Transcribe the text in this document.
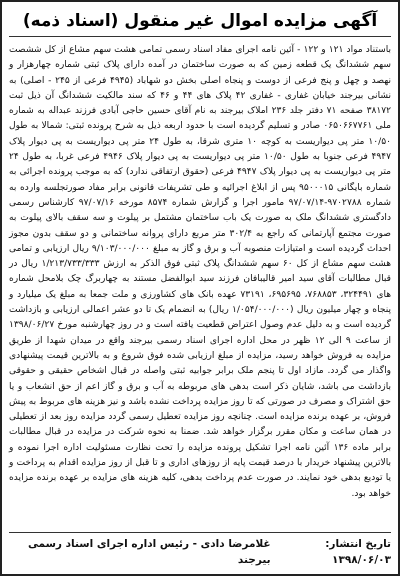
آگهی مزایده اموال غیر منقول (اسناد ذمه)

باستناد مواد ۱۲۱ و ۱۲۲ - آئین نامه اجرای مفاد اسناد رسمی تمامی هشت سهم مشاع از کل ششصت سهم ششدانگ یک قطعه زمین که به صورت ساختمان در آمده دارای پلاک ثبتی شماره چهارهزار و نهصد و چهل و پنج فرعی از دوست و پنجاه اصلی بخش دو شهاباد (۴۹۴۵ فرعی از ۲۴۵ - اصلی) به نشانی بیرجند خیابان غفاری - غفاری ۴۲ پلاک های ۴۴ و ۴۶ که سند مالکیت ششدانگ آن ذیل ثبت ۳۸۱۷۲ صفحه ۷۱ دفتر جلد ۲۳۶ املاک بیرجند به نام آقای حسین حاجی آبادی فرزند عبداله به شماره ملی ۰۶۵۰۶۶۷۷۶۱ صادر و تسلیم گردیده است با حدود اربعه ذیل به شرح پرونده ثبتی: شمالا به طول ۱۰/۵۰ متر پی دیواریست به کوچه ۱۰ متری شرقا، به طول ۲۴ متر پی دیواریست به پی دیوار پلاک ۴۹۴۷ فرعی جنوبا به طول ۱۰/۵۰ متر پی دیواریست به پی دیوار پلاک ۴۹۴۶ فرعی غربا، به طول ۲۴ متر پی دیواریست به پی دیوار پلاک ۴۹۴۷ فرعی (حقوق ارتفاقی ندارد) که به موجب پرونده اجرائی به شماره بایگانی ۹۵۰۰۰۱۵ پس از ابلاغ اجرائیه و طی تشریفات قانونی برابر مفاد صورتجلسه وارده به شماره ۹۷۰۲۷۸۸-۹۷/۰۷/۱۴ مامور اجرا و گزارش شماره ۸۵۷۴ مورخه ۹۷/۰۷/۱۶ کارشناس رسمی دادگستری ششدانگ ملک به صورت یک باب ساختمان مشتمل بر پیلوت و سه سقف بالای پیلوت به صورت مجتمع آپارتمانی که راجع به ۳۰۲/۴ متر مربع دارای پروانه ساختمانی و دو سقف بدون مجوز احداث گردیده است و امتیازات منصوبه آب و برق و گاز به مبلغ ۹/۱۰۳/۰۰۰/۰۰۰ ریال ارزیابی و تمامی هشت سهم مشاع از کل ۶۰ سهم ششدانگ پلاک ثبتی فوق الذکر به ارزش ۱/۲۱۳/۷۳۳/۳۳۳ ریال در قبال مطالبات آقای سید امیر قالیبافان فرزند سید ابوالفضل مستند به چهاربرگ چک بلامحل شماره های ۳۲۴۴۹۱، ۷۶۸۸۵۳، ۶۹۵۶۹۵، ۷۳۱۹۱ عهده بانک های کشاورزی و ملت جمعا به مبلغ یک میلیارد و پنجاه و چهار میلیون ریال (۱/۰۵۴/۰۰۰/۰۰۰ ریال) به انضمام یک تا دو عشر اعمالی ارزیابی و بازداشت گردیده است و به دلیل عدم وصول اعتراض قطعیت یافته است و در روز چهارشنبه مورخ ۱۳۹۸/۰۶/۲۷ از ساعت ۹ الی ۱۲ ظهر در محل اداره اجرای اسناد رسمی بیرجند واقع در میدان شهدا از طریق مزایده به فروش خواهد رسید، مزایده از مبلغ ارزیابی شده فوق شروع و به بالاترین قیمت پیشنهادی واگذار می گردد. مازاد اول تا پنجم ملک برابر جوابیه ثبتی واصله در قبال اشخاص حقیقی و حقوقی بازداشت می باشد، شایان ذکر است بدهی های مربوطه به آب و برق و گاز اعم از حق انشعاب و یا حق اشتراک و مصرف در صورتی که تا روز مزایده پرداخت نشده باشد و نیز هزینه های مربوط به پیش فروش، بر عهده برنده مزایده است. چنانچه روز مزایده تعطیل رسمی گردد مزایده روز بعد از تعطیلی در همان ساعت و مکان مقرر برگزار خواهد شد. ضمنا به نحوه شرکت در مزایده در قبال مطالبات برابر ماده ۱۳۶ آئین نامه اجرا تشکیل پرونده مزایده را تحت نظارت مسئولیت اداره اجرا نموده و بالاترین پیشنهاد خریدار با درصد قیمت پایه از روزهای اداری و تا قبل از روز مزایده اقدام به پرداخت و یا تودیع بدهی خود نمایند. در صورت عدم پرداخت بدهی، کلیه هزینه های مزایده بر عهده برنده مزایده خواهد بود.

تاریخ انتشار: ۱۳۹۸/۰۶/۰۳
غلامرضا دادی - رئیس اداره اجرای اسناد رسمی بیرجند
